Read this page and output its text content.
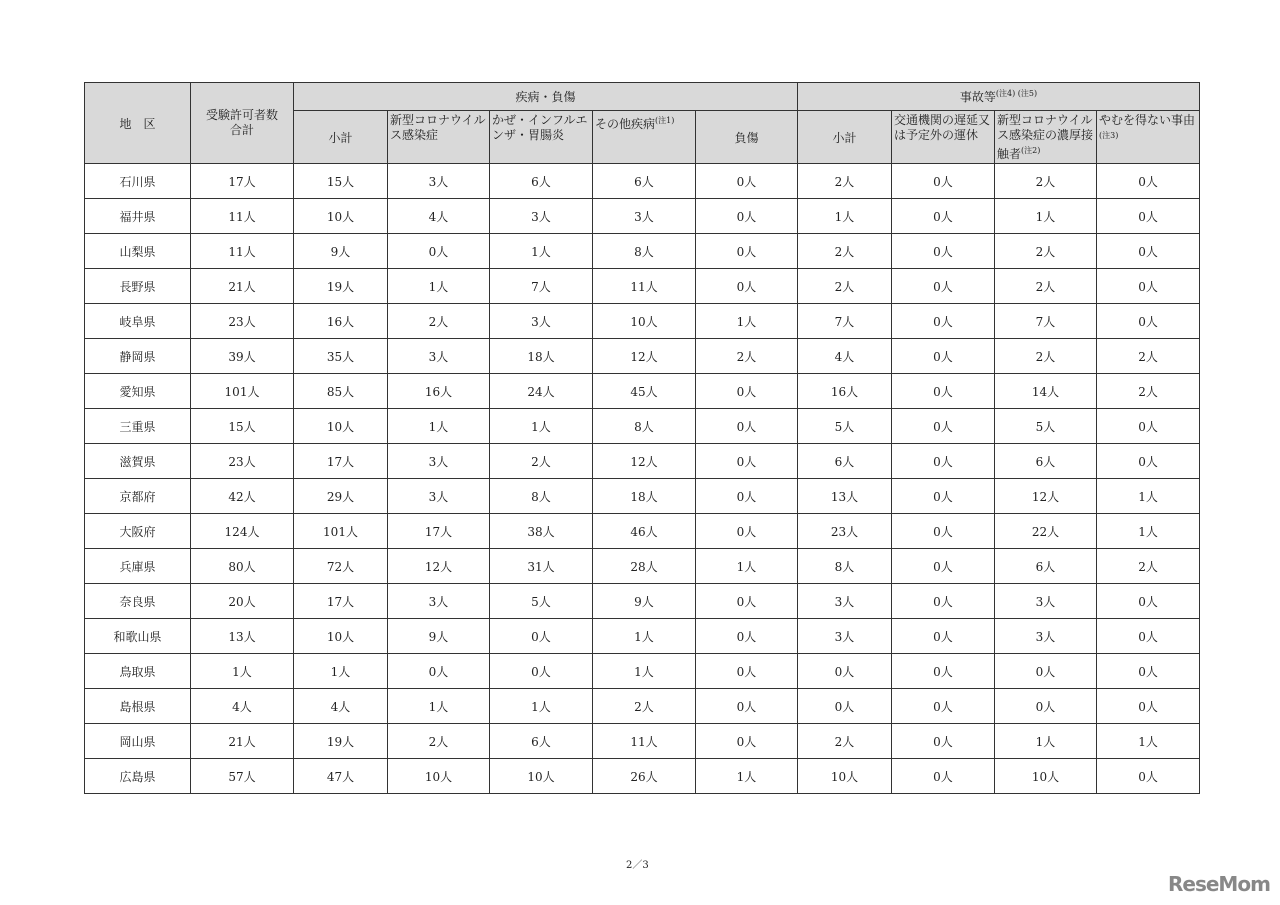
地　区	受験許可者数合計	疾病・負傷					事故等$^{(注4) (注5)}$
		小計	新型コロナウイルス感染症	かぜ・インフルエンザ・胃腸炎	その他疾病$^{(注1)}$	負傷	小計	交通機関の遅延又は予定外の運休	新型コロナウイルス感染症の濃厚接触者$^{(注2)}$	やむを得ない事由$^{(注3)}$
石川県	17人	15人	3人	6人	6人	0人	2人	0人	2人	0人
福井県	11人	10人	4人	3人	3人	0人	1人	0人	1人	0人
山梨県	11人	9人	0人	1人	8人	0人	2人	0人	2人	0人
長野県	21人	19人	1人	7人	11人	0人	2人	0人	2人	0人
岐阜県	23人	16人	2人	3人	10人	1人	7人	0人	7人	0人
静岡県	39人	35人	3人	18人	12人	2人	4人	0人	2人	2人
愛知県	101人	85人	16人	24人	45人	0人	16人	0人	14人	2人
三重県	15人	10人	1人	1人	8人	0人	5人	0人	5人	0人
滋賀県	23人	17人	3人	2人	12人	0人	6人	0人	6人	0人
京都府	42人	29人	3人	8人	18人	0人	13人	0人	12人	1人
大阪府	124人	101人	17人	38人	46人	0人	23人	0人	22人	1人
兵庫県	80人	72人	12人	31人	28人	1人	8人	0人	6人	2人
奈良県	20人	17人	3人	5人	9人	0人	3人	0人	3人	0人
和歌山県	13人	10人	9人	0人	1人	0人	3人	0人	3人	0人
鳥取県	1人	1人	0人	0人	1人	0人	0人	0人	0人	0人
島根県	4人	4人	1人	1人	2人	0人	0人	0人	0人	0人
岡山県	21人	19人	2人	6人	11人	0人	2人	0人	1人	1人
広島県	57人	47人	10人	10人	26人	1人	10人	0人	10人	0人
2／3
ReseMom
